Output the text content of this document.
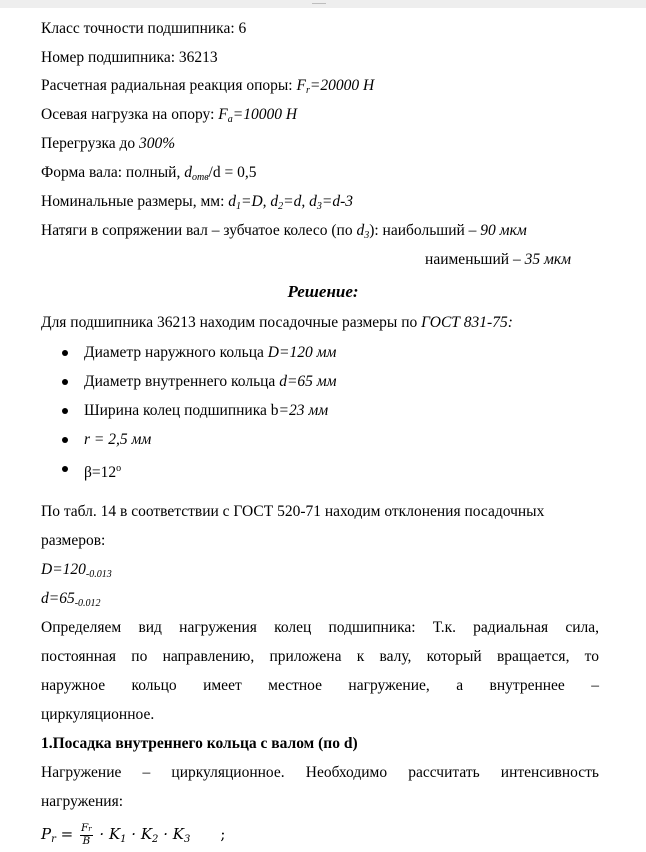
Класс точности подшипника: 6
Номер подшипника: 36213
Расчетная радиальная реакция опоры: $F_r=20000$ Н
Осевая нагрузка на опору: $F_a=10000$ Н
Перегрузка до 300%
Форма вала: полный, $d_{отв}/d = 0,5$
Номинальные размеры, мм: $d_1=D$, $d_2=d$, $d_3=d-3$
Натяги в сопряжении вал – зубчатое колесо (по $d_3$): наибольший – 90 мкм
наименьший – 35 мкм
Решение:
Для подшипника 36213 находим посадочные размеры по ГОСТ 831-75:
Диаметр наружного кольца D=120 мм
Диаметр внутреннего кольца d=65 мм
Ширина колец подшипника b=23 мм
r = 2,5 мм
$\beta=12^o$
По табл. 14 в соответствии с ГОСТ 520-71 находим отклонения посадочных
размеров:
$D=120_{-0.013}$
$d=65_{-0.012}$
Определяем вид нагружения колец подшипника: Т.к. радиальная сила,
постоянная по направлению, приложена к валу, который вращается, то
наружное кольцо имеет местное нагружение, а внутреннее –
циркуляционное.
1.Посадка внутреннего кольца с валом (по d)
Нагружение – циркуляционное. Необходимо рассчитать интенсивность
нагружения:
$P_r = \frac{Fr}{B} \cdot K_1 \cdot K_2 \cdot K_3$ ;
